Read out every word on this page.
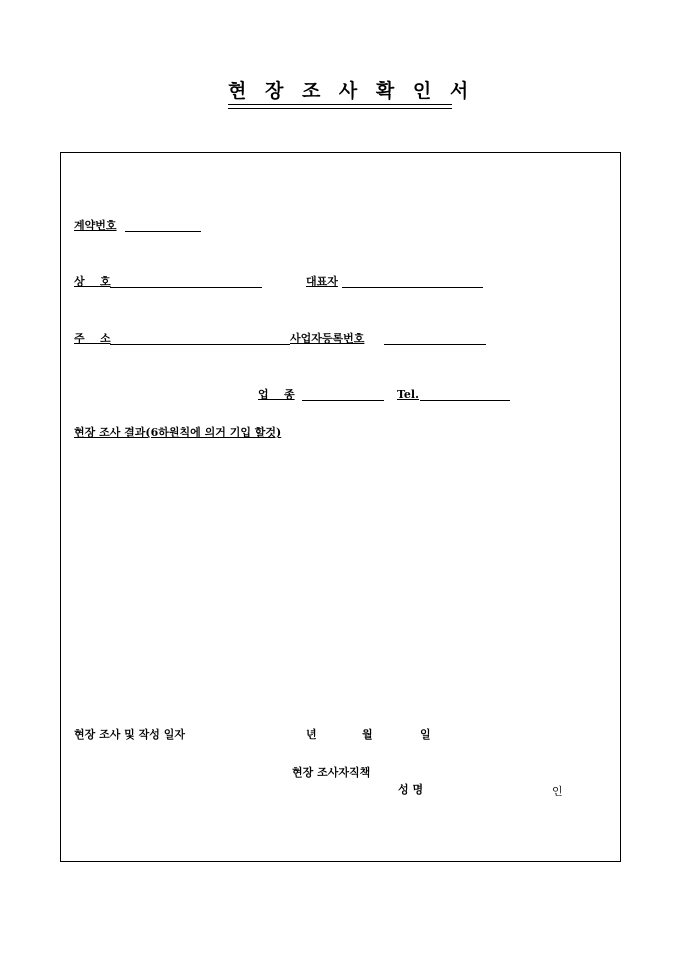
현 장 조 사 확 인 서
계약번호
상    호	대표자
주    소	사업자등록번호
업    종	Tel.
현장 조사 결과(6하원칙에 의거 기입 할것)
현장 조사 및 작성 일자	년	월	일
현장 조사자직책
성 명	인
